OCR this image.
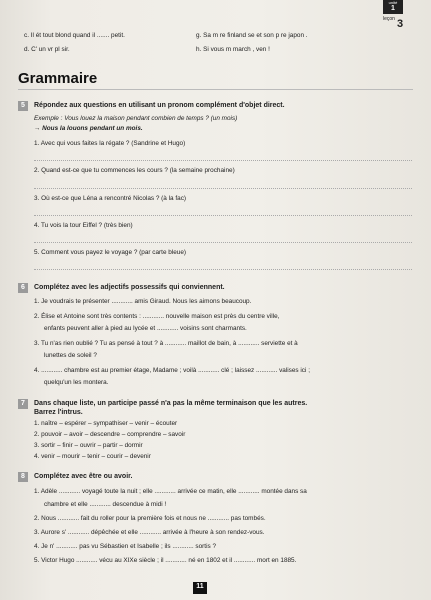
unité
1
leçon 3
c. Il ét tout blond quand il ....... petit.
d. C' un vr pl sir.
g. Sa m re finland se et son p re japon .
h. Si vous m march , ven !
Grammaire
5	Répondez aux questions en utilisant un pronom complément d'objet direct.
Exemple : Vous louez la maison pendant combien de temps ? (un mois)
→ Nous la louons pendant un mois.
1. Avec qui vous faites la régate ? (Sandrine et Hugo)
2. Quand est-ce que tu commences les cours ? (la semaine prochaine)
3. Où est-ce que Léna a rencontré Nicolas ? (à la fac)
4. Tu vois la tour Eiffel ? (très bien)
5. Comment vous payez le voyage ? (par carte bleue)
6	Complétez avec les adjectifs possessifs qui conviennent.
1. Je voudrais te présenter ............ amis Giraud. Nous les aimons beaucoup.
2. Élise et Antoine sont très contents : ............ nouvelle maison est près du centre ville,
enfants peuvent aller à pied au lycée et ............ voisins sont charmants.
3. Tu n'as rien oublié ? Tu as pensé à tout ? à ............ maillot de bain, à ............ serviette et à
lunettes de soleil ?
4. ............ chambre est au premier étage, Madame ; voilà ............ clé ; laissez ............ valises ici ;
quelqu'un les montera.
7	Dans chaque liste, un participe passé n'a pas la même terminaison que les autres.
Barrez l'intrus.
1. naître – espérer – sympathiser – venir – écouter
2. pouvoir – avoir – descendre – comprendre – savoir
3. sortir – finir – ouvrir – partir – dormir
4. venir – mourir – tenir – courir – devenir
8	Complétez avec être ou avoir.
1. Adèle ............ voyagé toute la nuit ; elle ............ arrivée ce matin, elle ............ montée dans sa
chambre et elle ............ descendue à midi !
2. Nous ............ fait du roller pour la première fois et nous ne ............ pas tombés.
3. Aurore s' ............ dépêchée et elle ............ arrivée à l'heure à son rendez-vous.
4. Je n' ............ pas vu Sébastien et Isabelle ; ils ............ sortis ?
5. Victor Hugo ............ vécu au XIXe siècle ; il ............ né en 1802 et il ............ mort en 1885.
11
